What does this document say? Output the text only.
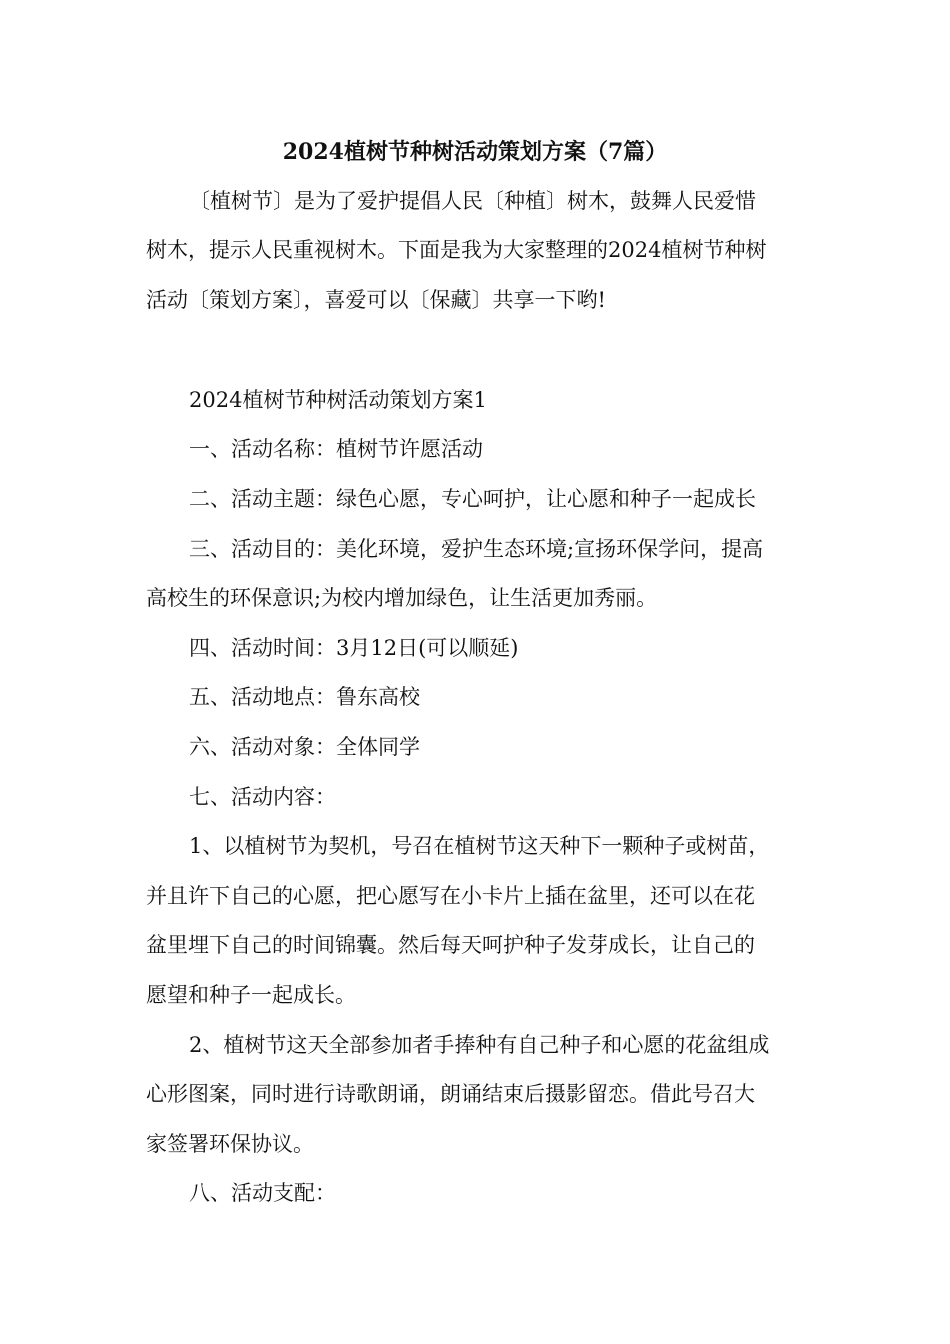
2024植树节种树活动策划方案（7篇）
〔植树节〕是为了爱护提倡人民〔种植〕树木，鼓舞人民爱惜
树木，提示人民重视树木。下面是我为大家整理的2024植树节种树
活动〔策划方案〕，喜爱可以〔保藏〕共享一下哟!
2024植树节种树活动策划方案1
一、活动名称：植树节许愿活动
二、活动主题：绿色心愿，专心呵护，让心愿和种子一起成长
三、活动目的：美化环境，爱护生态环境;宣扬环保学问，提高
高校生的环保意识;为校内增加绿色，让生活更加秀丽。
四、活动时间：3月12日(可以顺延)
五、活动地点：鲁东高校
六、活动对象：全体同学
七、活动内容：
1、以植树节为契机，号召在植树节这天种下一颗种子或树苗，
并且许下自己的心愿，把心愿写在小卡片上插在盆里，还可以在花
盆里埋下自己的时间锦囊。然后每天呵护种子发芽成长，让自己的
愿望和种子一起成长。
2、植树节这天全部参加者手捧种有自己种子和心愿的花盆组成
心形图案，同时进行诗歌朗诵，朗诵结束后摄影留恋。借此号召大
家签署环保协议。
八、活动支配：
